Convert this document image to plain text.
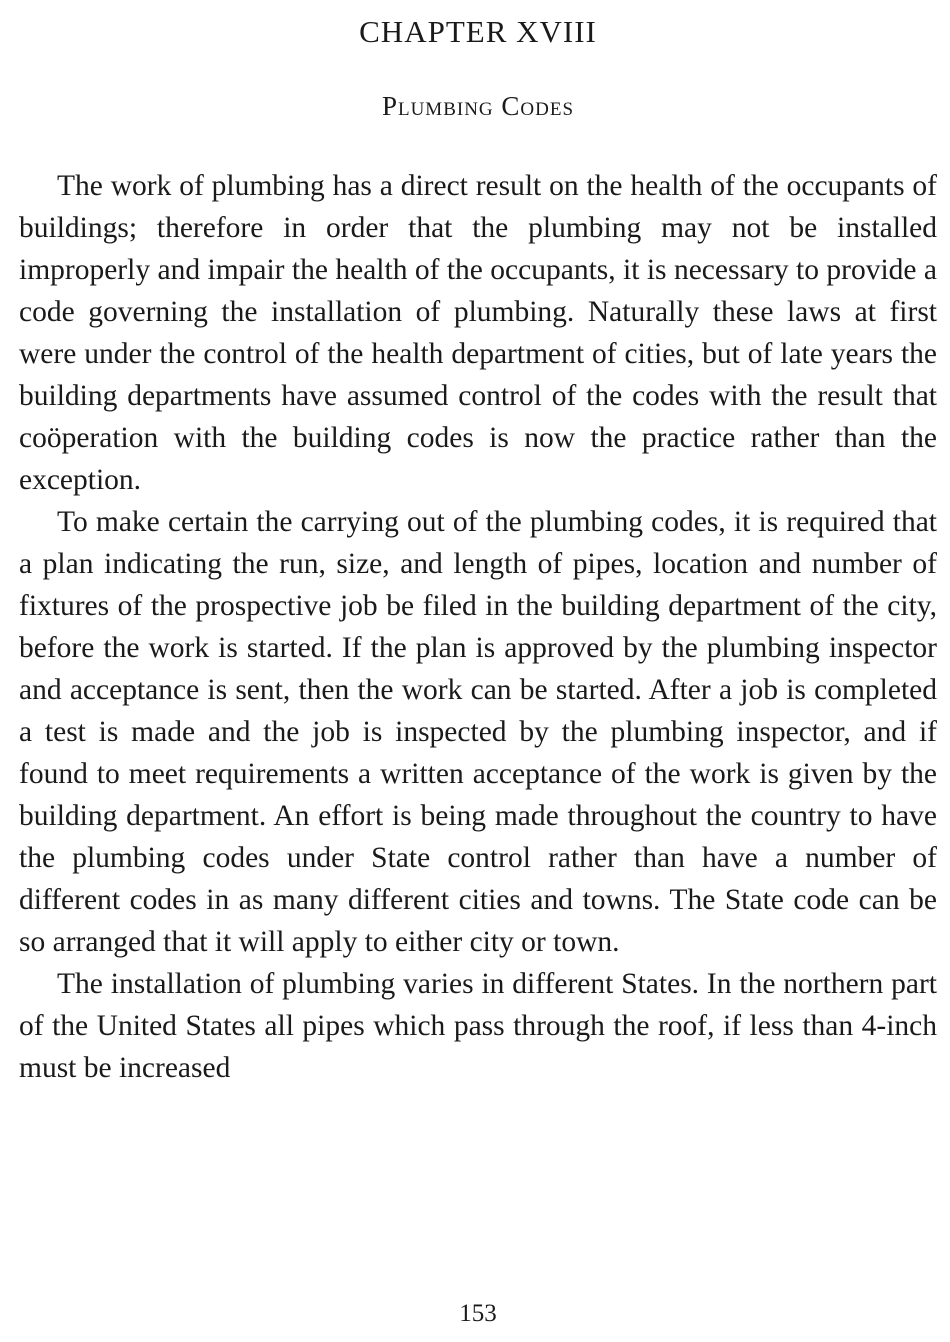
CHAPTER XVIII
Plumbing Codes

The work of plumbing has a direct result on the health of the occupants of buildings; therefore in order that the plumbing may not be installed improperly and impair the health of the occupants, it is necessary to provide a code governing the installation of plumbing. Naturally these laws at first were under the control of the health department of cities, but of late years the building departments have assumed control of the codes with the result that coöperation with the building codes is now the practice rather than the exception.

To make certain the carrying out of the plumbing codes, it is required that a plan indicating the run, size, and length of pipes, location and number of fixtures of the prospective job be filed in the building department of the city, before the work is started. If the plan is approved by the plumbing inspector and acceptance is sent, then the work can be started. After a job is completed a test is made and the job is inspected by the plumbing inspector, and if found to meet requirements a written acceptance of the work is given by the building department. An effort is being made throughout the country to have the plumbing codes under State control rather than have a number of different codes in as many different cities and towns. The State code can be so arranged that it will apply to either city or town.

The installation of plumbing varies in different States. In the northern part of the United States all pipes which pass through the roof, if less than 4-inch must be increased

153
